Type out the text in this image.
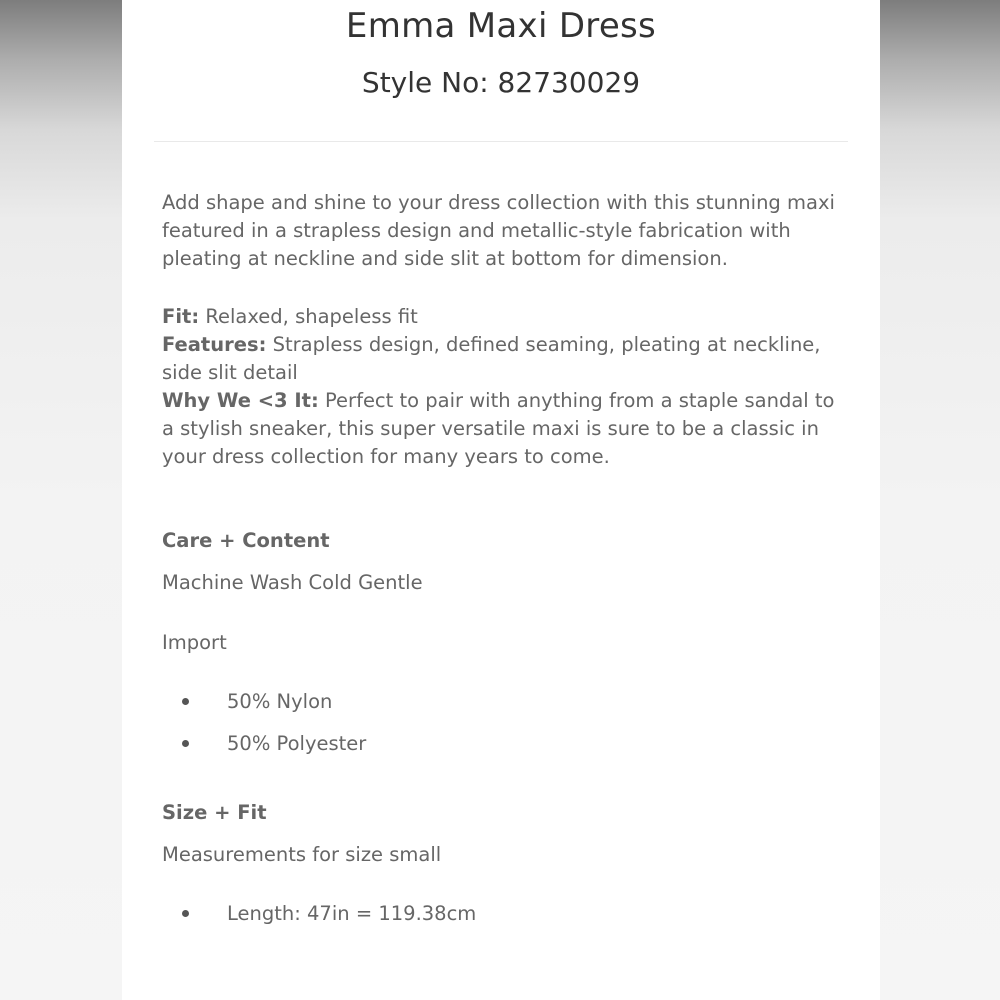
Emma Maxi Dress
Style No: 82730029
Add shape and shine to your dress collection with this stunning maxi featured in a strapless design and metallic-style fabrication with pleating at neckline and side slit at bottom for dimension.

Fit: Relaxed, shapeless fit

Features: Strapless design, defined seaming, pleating at neckline, side slit detail

Why We <3 It: Perfect to pair with anything from a staple sandal to a stylish sneaker, this super versatile maxi is sure to be a classic in your dress collection for many years to come.

Care + Content
Machine Wash Cold Gentle
Import
50% Nylon
50% Polyester
Size + Fit
Measurements for size small
Length: 47in = 119.38cm
